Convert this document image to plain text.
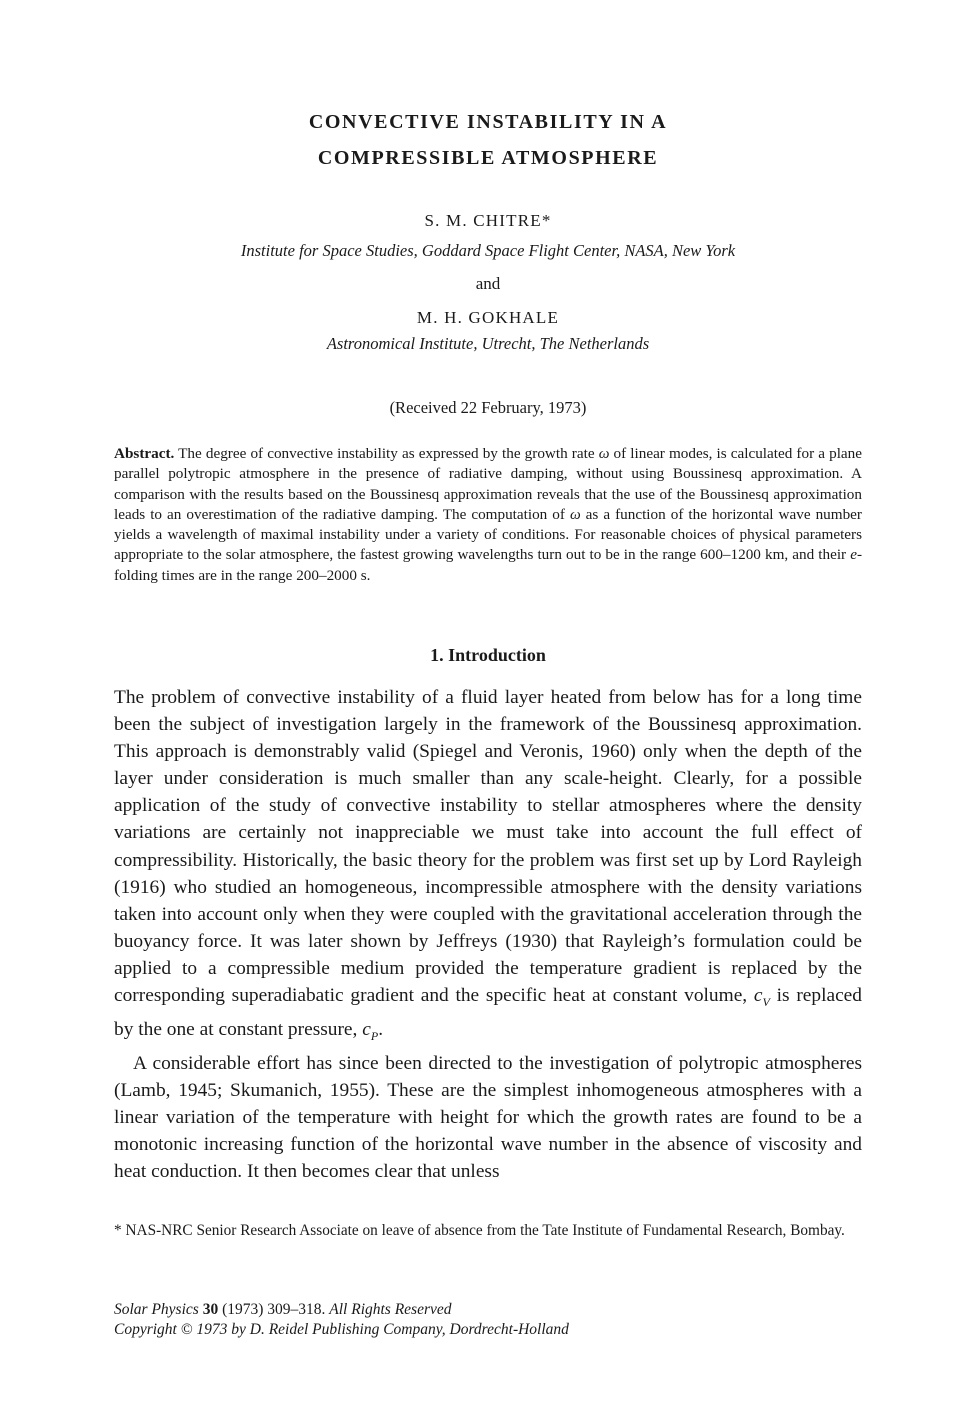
CONVECTIVE INSTABILITY IN A
COMPRESSIBLE ATMOSPHERE
S. M. CHITRE*
Institute for Space Studies, Goddard Space Flight Center, NASA, New York
and
M. H. GOKHALE
Astronomical Institute, Utrecht, The Netherlands
(Received 22 February, 1973)
Abstract. The degree of convective instability as expressed by the growth rate ω of linear modes, is calculated for a plane parallel polytropic atmosphere in the presence of radiative damping, without using Boussinesq approximation. A comparison with the results based on the Boussinesq approximation reveals that the use of the Boussinesq approximation leads to an overestimation of the radiative damping. The computation of ω as a function of the horizontal wave number yields a wavelength of maximal instability under a variety of conditions. For reasonable choices of physical parameters appropriate to the solar atmosphere, the fastest growing wavelengths turn out to be in the range 600–1200 km, and their e-folding times are in the range 200–2000 s.
1. Introduction

The problem of convective instability of a fluid layer heated from below has for a long time been the subject of investigation largely in the framework of the Boussinesq approximation. This approach is demonstrably valid (Spiegel and Veronis, 1960) only when the depth of the layer under consideration is much smaller than any scale-height. Clearly, for a possible application of the study of convective instability to stellar atmospheres where the density variations are certainly not inappreciable we must take into account the full effect of compressibility. Historically, the basic theory for the problem was first set up by Lord Rayleigh (1916) who studied an homogeneous, incompressible atmosphere with the density variations taken into account only when they were coupled with the gravitational acceleration through the buoyancy force. It was later shown by Jeffreys (1930) that Rayleigh’s formulation could be applied to a compressible medium provided the temperature gradient is replaced by the corresponding superadiabatic gradient and the specific heat at constant volume, $c_V$ is replaced by the one at constant pressure, $c_P$.

A considerable effort has since been directed to the investigation of polytropic atmospheres (Lamb, 1945; Skumanich, 1955). These are the simplest inhomogeneous atmospheres with a linear variation of the temperature with height for which the growth rates are found to be a monotonic increasing function of the horizontal wave number in the absence of viscosity and heat conduction. It then becomes clear that unless

* NAS-NRC Senior Research Associate on leave of absence from the Tate Institute of Fundamental Research, Bombay.
Solar Physics 30 (1973) 309–318. All Rights Reserved
Copyright © 1973 by D. Reidel Publishing Company, Dordrecht-Holland
